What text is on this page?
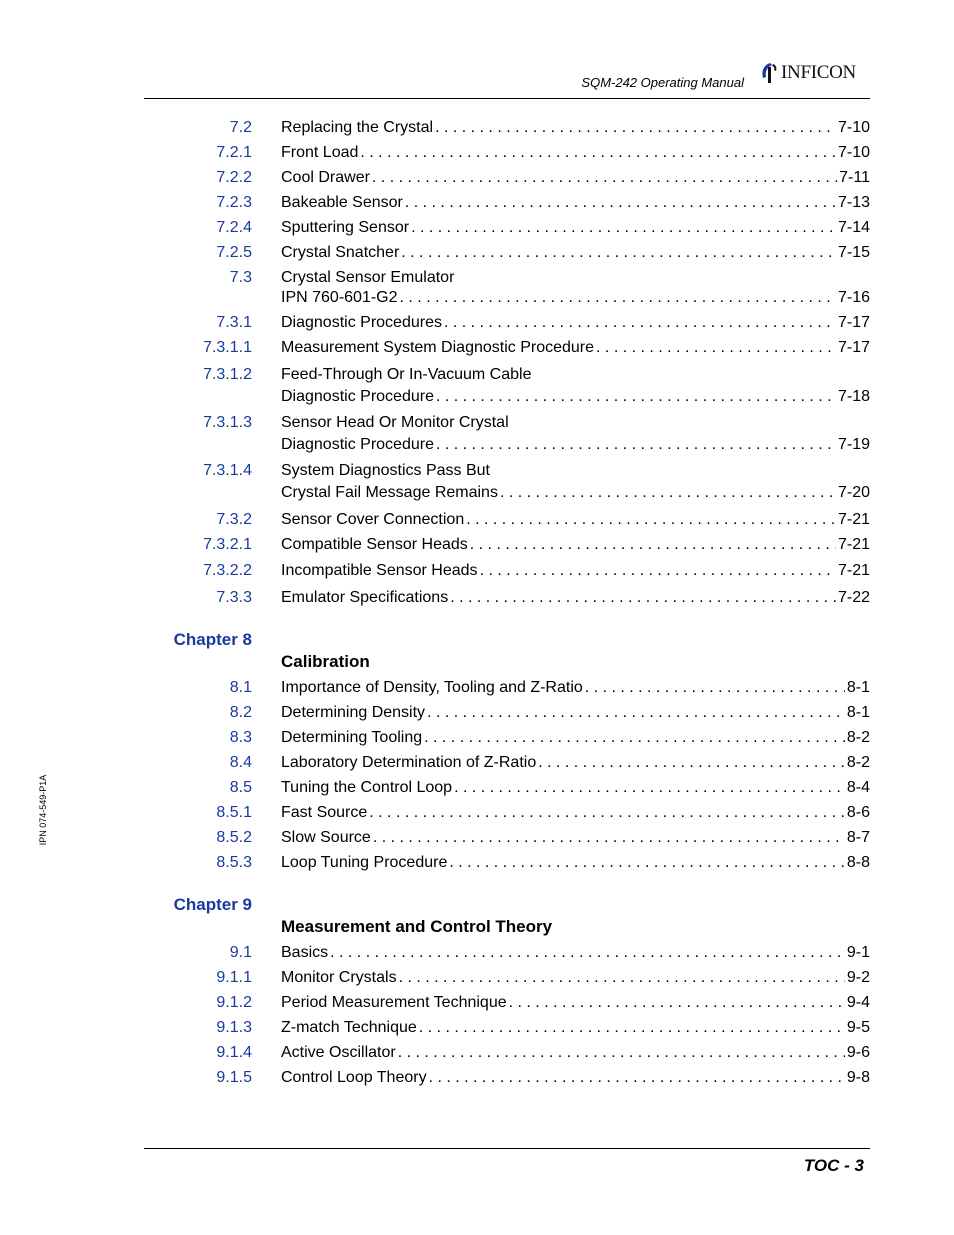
SQM-242 Operating Manual INFICON
IPN 074-549-P1A
7.2 Replacing the Crystal . . .	7-10
7.2.1 Front Load . . .	7-10
7.2.2 Cool Drawer . . .	7-11
7.2.3 Bakeable Sensor . . .	7-13
7.2.4 Sputtering Sensor . . .	7-14
7.2.5 Crystal Snatcher . . .	7-15
7.3 Crystal Sensor Emulator
IPN 760-601-G2 . . .	7-16
7.3.1 Diagnostic Procedures . . .	7-17
7.3.1.1 Measurement System Diagnostic Procedure . . .	7-17
7.3.1.2 Feed-Through Or In-Vacuum Cable
Diagnostic Procedure . . .	7-18
7.3.1.3 Sensor Head Or Monitor Crystal
Diagnostic Procedure . . .	7-19
7.3.1.4 System Diagnostics Pass But
Crystal Fail Message Remains . . .	7-20
7.3.2 Sensor Cover Connection . . .	7-21
7.3.2.1 Compatible Sensor Heads . . .	7-21
7.3.2.2 Incompatible Sensor Heads . . .	7-21
7.3.3 Emulator Specifications . . .	7-22
Chapter 8
Calibration
8.1 Importance of Density, Tooling and Z-Ratio . . .	8-1
8.2 Determining Density . . .	8-1
8.3 Determining Tooling . . .	8-2
8.4 Laboratory Determination of Z-Ratio . . .	8-2
8.5 Tuning the Control Loop . . .	8-4
8.5.1 Fast Source . . .	8-6
8.5.2 Slow Source . . .	8-7
8.5.3 Loop Tuning Procedure . . .	8-8
Chapter 9
Measurement and Control Theory
9.1 Basics . . .	9-1
9.1.1 Monitor Crystals . . .	9-2
9.1.2 Period Measurement Technique . . .	9-4
9.1.3 Z-match Technique . . .	9-5
9.1.4 Active Oscillator . . .	9-6
9.1.5 Control Loop Theory . . .	9-8
TOC - 3
